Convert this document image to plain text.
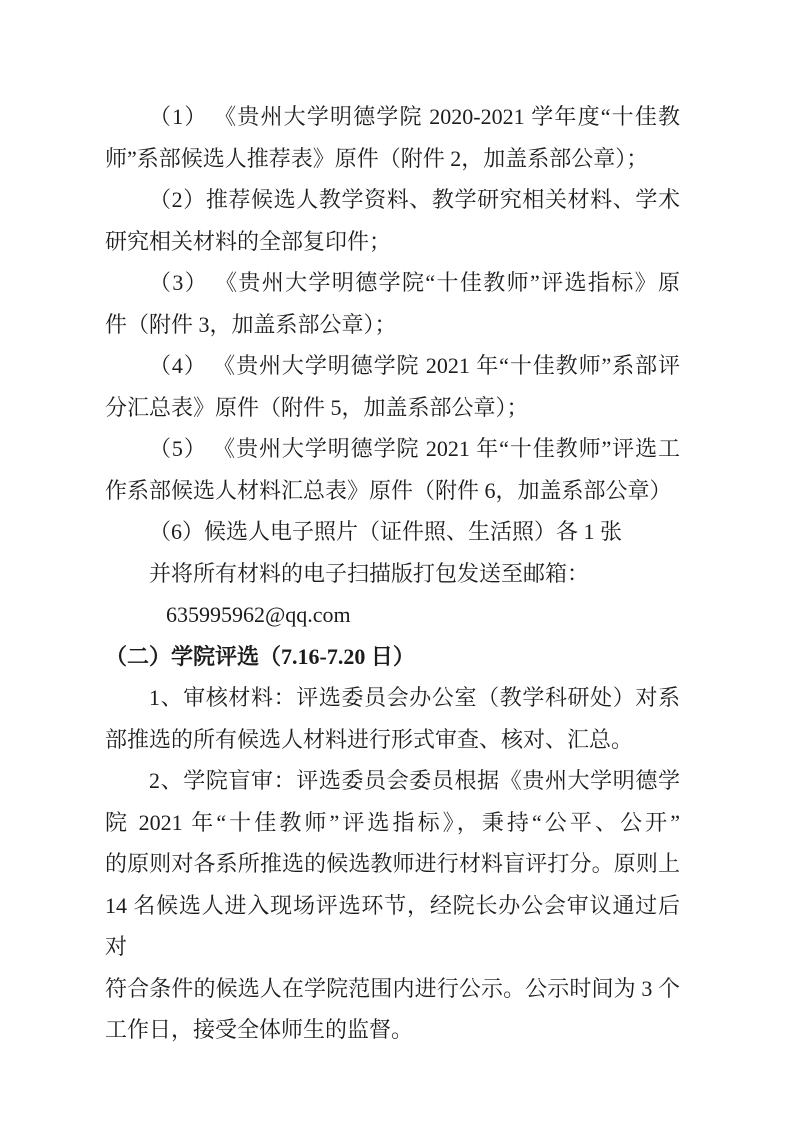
（1） 《贵州大学明德学院 2020-2021 学年度“十佳教

师”系部候选人推荐表》原件（附件 2，加盖系部公章）；

（2）推荐候选人教学资料、教学研究相关材料、学术

研究相关材料的全部复印件；

（3） 《贵州大学明德学院“十佳教师”评选指标》原

件（附件 3，加盖系部公章）；

（4） 《贵州大学明德学院 2021 年“十佳教师”系部评

分汇总表》原件（附件 5，加盖系部公章）；

（5） 《贵州大学明德学院 2021 年“十佳教师”评选工

作系部候选人材料汇总表》原件（附件 6，加盖系部公章）

（6）候选人电子照片（证件照、生活照）各 1 张

并将所有材料的电子扫描版打包发送至邮箱：

635995962@qq.com

（二）学院评选（7.16-7.20 日）

1、审核材料：评选委员会办公室（教学科研处）对系

部推选的所有候选人材料进行形式审查、核对、汇总。

2、学院盲审：评选委员会委员根据《贵州大学明德学

院 2021 年“十佳教师”评选指标》，秉持“公平、公开”

的原则对各系所推选的候选教师进行材料盲评打分。原则上

14 名候选人进入现场评选环节，经院长办公会审议通过后对

符合条件的候选人在学院范围内进行公示。公示时间为 3 个

工作日，接受全体师生的监督。
